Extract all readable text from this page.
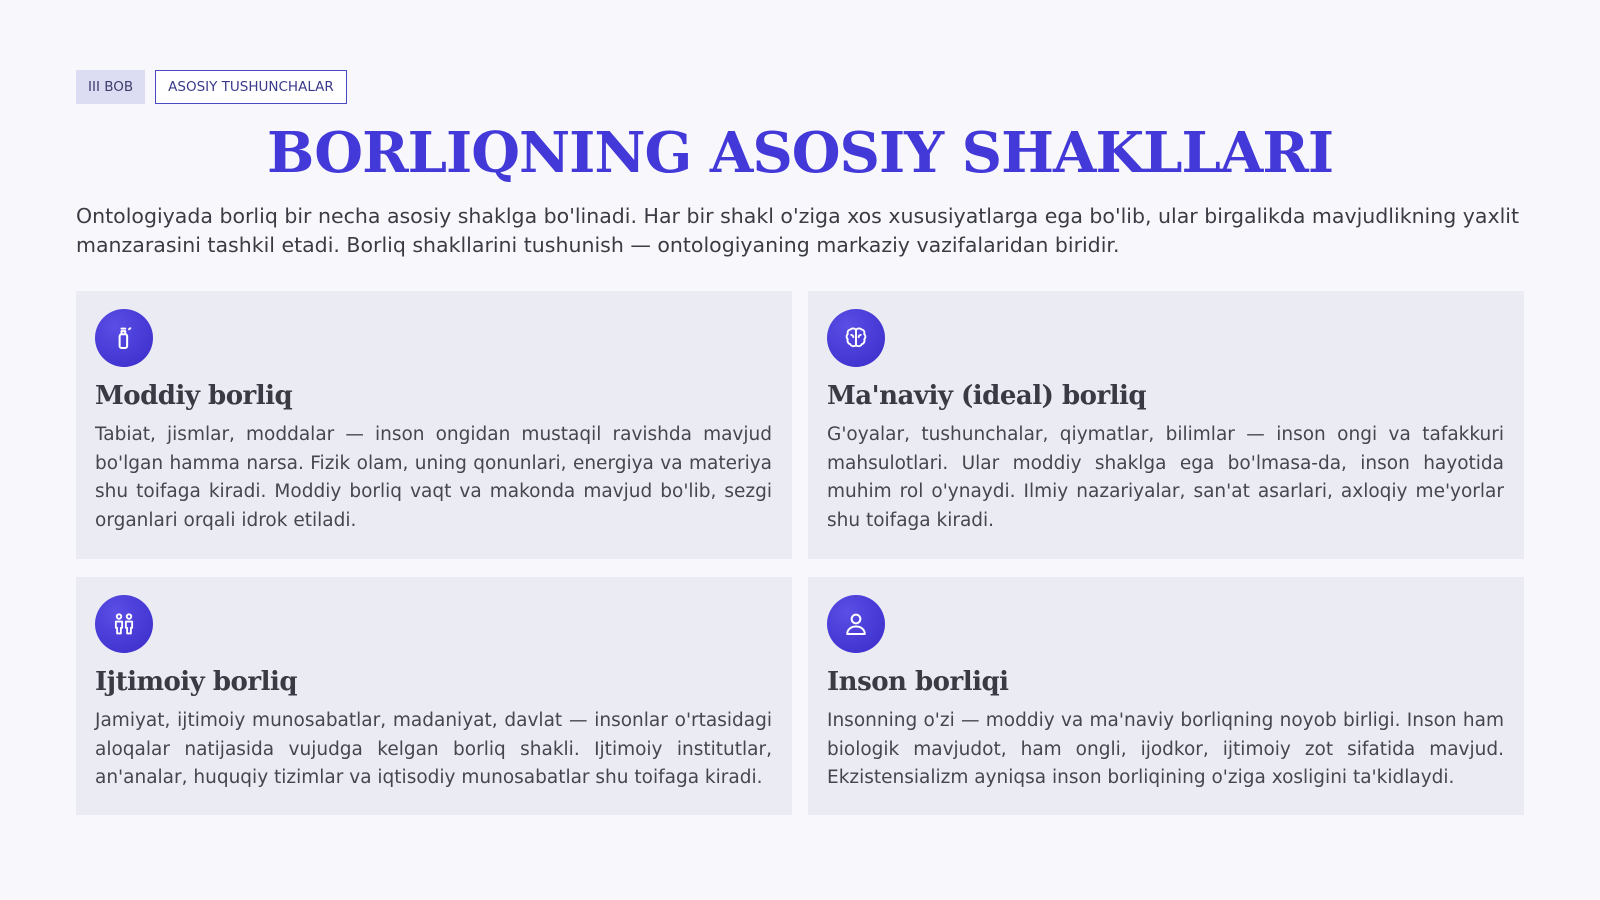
III BOB	ASOSIY TUSHUNCHALAR
BORLIQNING ASOSIY SHAKLLARI
Ontologiyada borliq bir necha asosiy shaklga bo'linadi. Har bir shakl o'ziga xos xususiyatlarga ega bo'lib, ular birgalikda mavjudlikning yaxlit manzarasini tashkil etadi. Borliq shakllarini tushunish — ontologiyaning markaziy vazifalaridan biridir.
Moddiy borliq
Tabiat, jismlar, moddalar — inson ongidan mustaqil ravishda mavjud bo'lgan hamma narsa. Fizik olam, uning qonunlari, energiya va materiya shu toifaga kiradi. Moddiy borliq vaqt va makonda mavjud bo'lib, sezgi organlari orqali idrok etiladi.
Ma'naviy (ideal) borliq
G'oyalar, tushunchalar, qiymatlar, bilimlar — inson ongi va tafakkuri mahsulotlari. Ular moddiy shaklga ega bo'lmasa-da, inson hayotida muhim rol o'ynaydi. Ilmiy nazariyalar, san'at asarlari, axloqiy me'yorlar shu toifaga kiradi.
Ijtimoiy borliq
Jamiyat, ijtimoiy munosabatlar, madaniyat, davlat — insonlar o'rtasidagi aloqalar natijasida vujudga kelgan borliq shakli. Ijtimoiy institutlar, an'analar, huquqiy tizimlar va iqtisodiy munosabatlar shu toifaga kiradi.
Inson borliqi
Insonning o'zi — moddiy va ma'naviy borliqning noyob birligi. Inson ham biologik mavjudot, ham ongli, ijodkor, ijtimoiy zot sifatida mavjud. Ekzistensializm ayniqsa inson borliqining o'ziga xosligini ta'kidlaydi.
